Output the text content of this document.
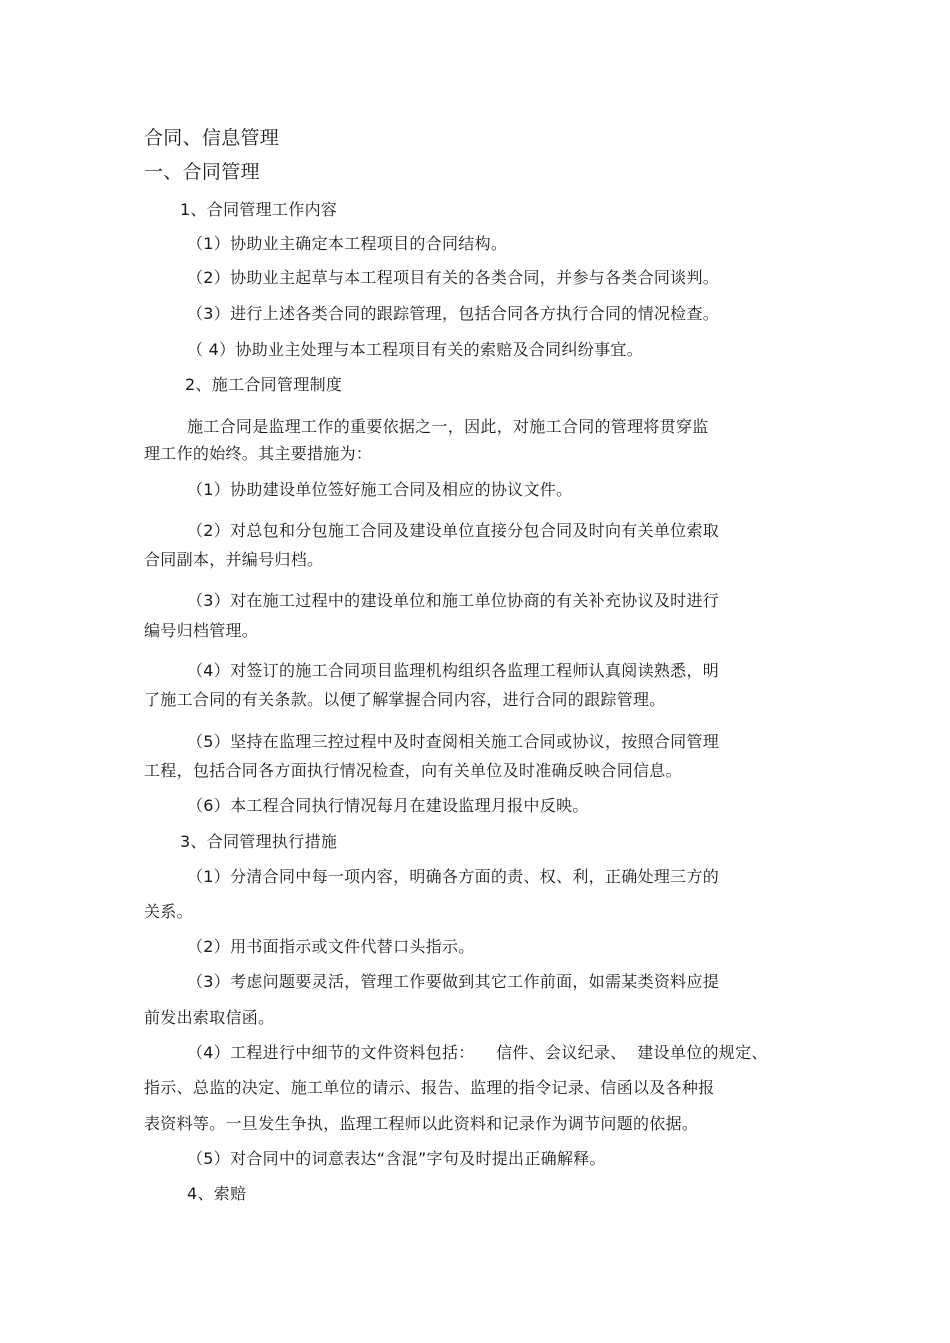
合同、信息管理
一、合同管理
1、合同管理工作内容
（1）协助业主确定本工程项目的合同结构。
（2）协助业主起草与本工程项目有关的各类合同，并参与各类合同谈判。
（3）进行上述各类合同的跟踪管理，包括合同各方执行合同的情况检查。
（ 4）协助业主处理与本工程项目有关的索赔及合同纠纷事宜。
2、施工合同管理制度
施工合同是监理工作的重要依据之一，因此，对施工合同的管理将贯穿监
理工作的始终。其主要措施为：
（1）协助建设单位签好施工合同及相应的协议文件。
（2）对总包和分包施工合同及建设单位直接分包合同及时向有关单位索取
合同副本，并编号归档。
（3）对在施工过程中的建设单位和施工单位协商的有关补充协议及时进行
编号归档管理。
（4）对签订的施工合同项目监理机构组织各监理工程师认真阅读熟悉，明
了施工合同的有关条款。以便了解掌握合同内容，进行合同的跟踪管理。
（5）坚持在监理三控过程中及时查阅相关施工合同或协议，按照合同管理
工程，包括合同各方面执行情况检查，向有关单位及时准确反映合同信息。
（6）本工程合同执行情况每月在建设监理月报中反映。
3、合同管理执行措施
（1）分清合同中每一项内容，明确各方面的责、权、利，正确处理三方的
关系。
（2）用书面指示或文件代替口头指示。
（3）考虑问题要灵活，管理工作要做到其它工作前面，如需某类资料应提
前发出索取信函。
（4）工程进行中细节的文件资料包括：    信件、会议纪录、  建设单位的规定、
指示、总监的决定、施工单位的请示、报告、监理的指令记录、信函以及各种报
表资料等。一旦发生争执，监理工程师以此资料和记录作为调节问题的依据。
（5）对合同中的词意表达“含混”字句及时提出正确解释。
4、索赔
